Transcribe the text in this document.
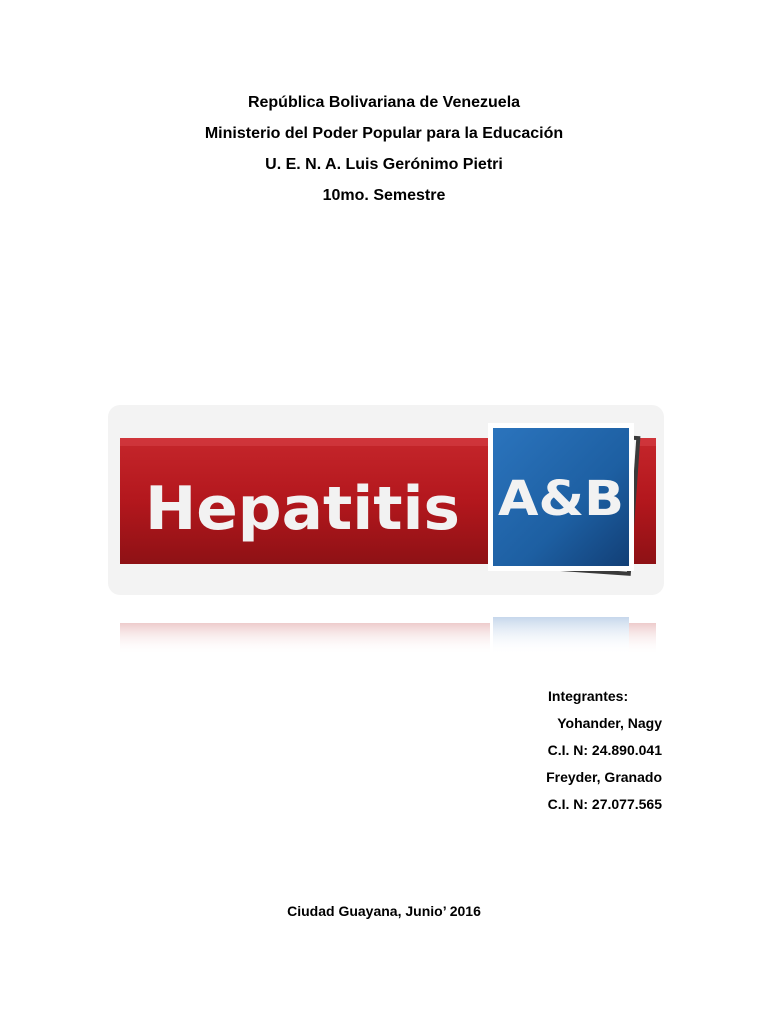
República Bolivariana de Venezuela
Ministerio del Poder Popular para la Educación
U. E. N. A. Luis Gerónimo Pietri
10mo. Semestre
Hepatitis A&B
Integrantes:
Yohander, Nagy
C.I. N: 24.890.041
Freyder, Granado
C.I. N: 27.077.565
Ciudad Guayana, Junio’ 2016
